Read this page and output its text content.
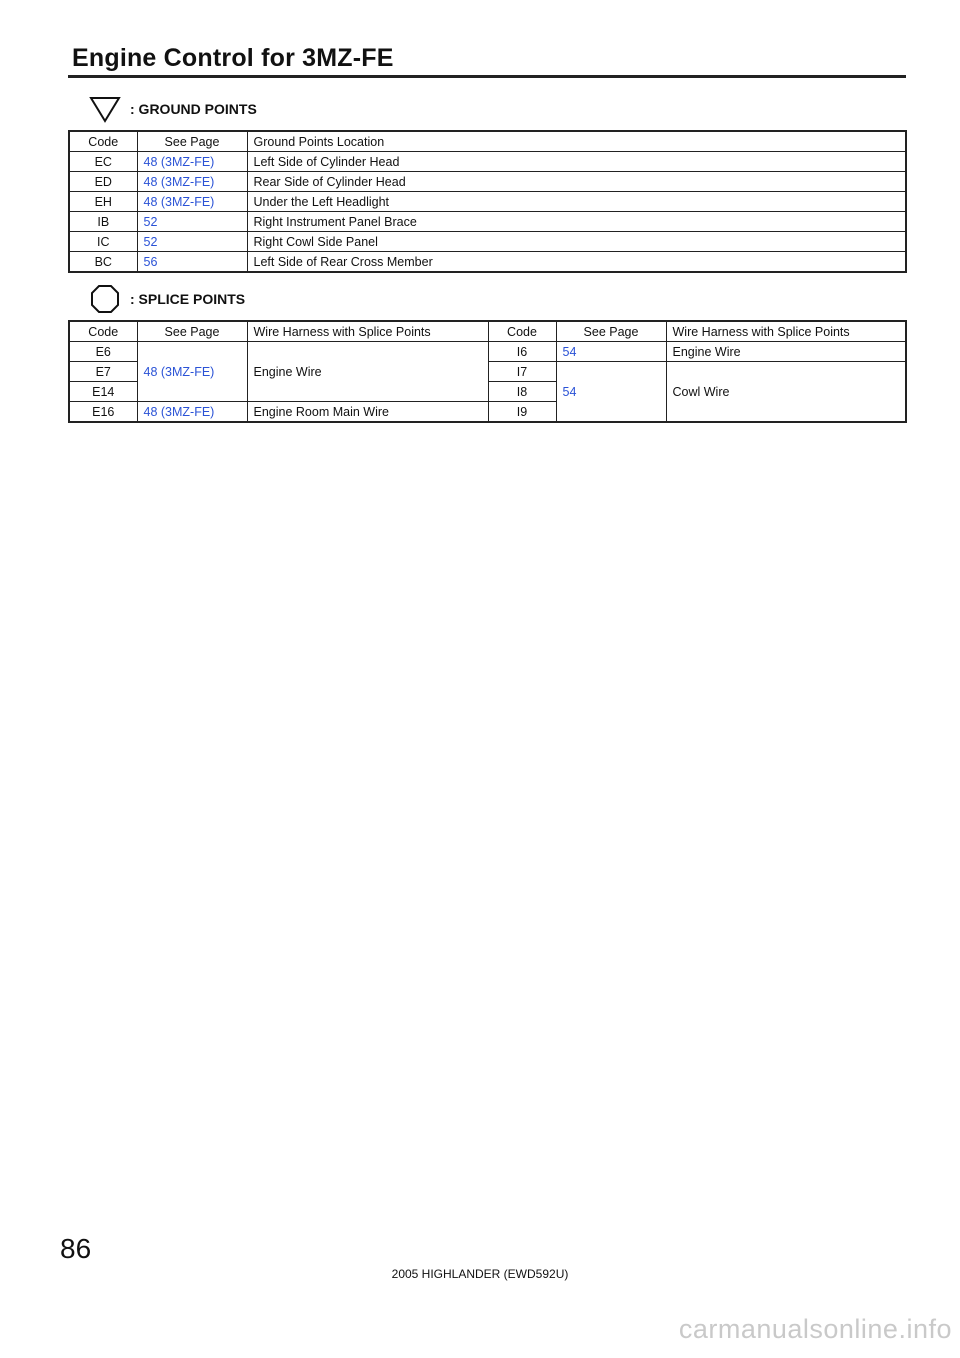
Engine Control for 3MZ-FE
: GROUND POINTS
Code	See Page	Ground Points Location
EC	48 (3MZ-FE)	Left Side of Cylinder Head
ED	48 (3MZ-FE)	Rear Side of Cylinder Head
EH	48 (3MZ-FE)	Under the Left Headlight
IB	52	Right Instrument Panel Brace
IC	52	Right Cowl Side Panel
BC	56	Left Side of Rear Cross Member
: SPLICE POINTS
Code	See Page	Wire Harness with Splice Points	Code	See Page	Wire Harness with Splice Points
E6	48 (3MZ-FE)	Engine Wire	I6	54	Engine Wire
E7			I7	54	Cowl Wire
E14			I8		
E16	48 (3MZ-FE)	Engine Room Main Wire	I9		

86

2005 HIGHLANDER (EWD592U)
carmanualsonline.info
